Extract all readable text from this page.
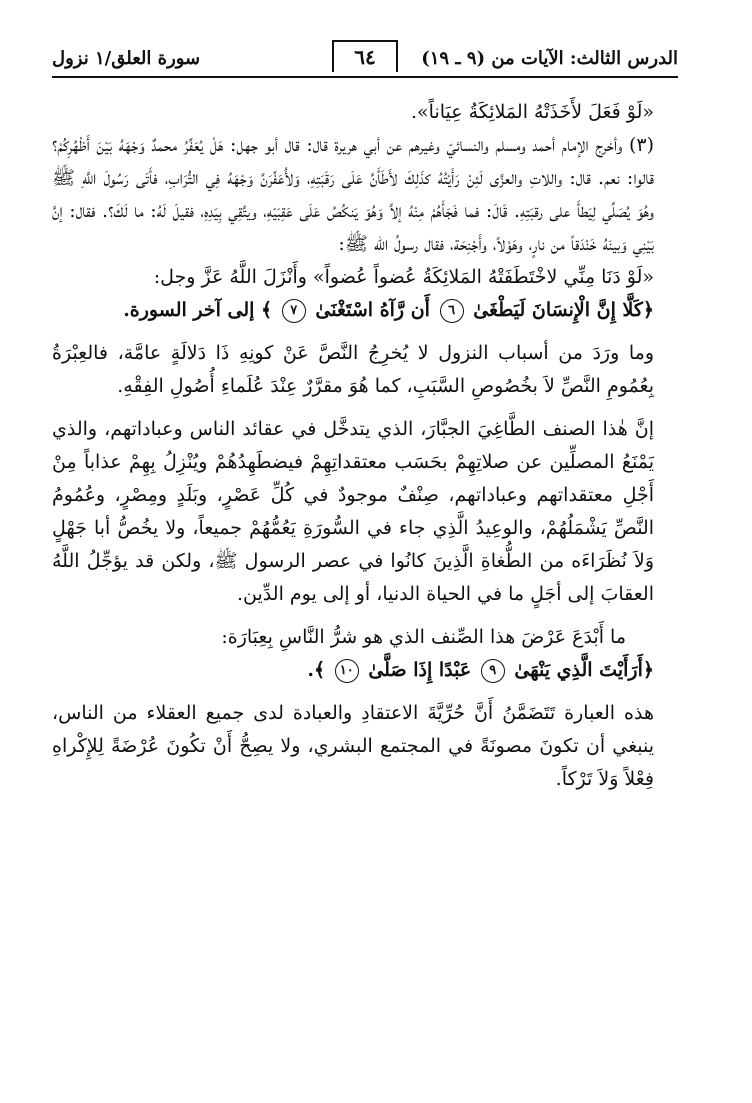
الدرس الثالث: الآيات من (٩ ـ ١٩)
٦٤
سورة العلق/١ نزول

«لَوْ فَعَلَ لأَخَذَتْهُ المَلائِكَةُ عِيَاناً».

(٣) وأخرج الإمام أحمد ومسلم والنسائيّ وغيرهم عن أبي هريرة قال: قال أبو جهل: هَلْ يُعَفِّرُ محمدٌ وَجْهَهُ بَيْنَ أَظْهُرِكُمْ؟ قالوا: نعم. قال: واللاتِ والعزَّى لَئِنْ رَأَيْتُهُ كذَلِكَ لأَطَأَنَّ عَلَى رَقَبَتِهِ، وَلأُعَفِّرَنَّ وَجْهَهُ فِي التُّرَابِ، فأَتَى رَسُولَ اللَّهِ ﷺ وهُوَ يُصَلِّي لِيَطأَ على رقبَتِهِ. قَالَ: فما فَجَأَهُمْ مِنْهُ إلاَّ وَهُوَ يَنكُصُ عَلَى عَقِبَيْهِ، ويتَّقِي بِيَدِهِ، فقيلَ لَهُ: ما لَكَ؟. فقال: إنَّ بَيْنِي وَبينَهُ خَنْدَقاً من نارٍ، وهَوْلاً، وأَجْنِحَة، فقال رسولُ الله ﷺ:

«لَوْ دَنَا مِنِّي لاخْتَطَفَتْهُ المَلائِكَةُ عُضواً عُضواً» وأَنْزَلَ اللَّهُ عَزَّ وجل:

﴿كَلَّا إِنَّ الْإِنسَانَ لَيَطْغَىٰ ٦ أَن رَّآهُ اسْتَغْنَىٰ ٧ ﴾ إلى آخر السورة.

وما ورَدَ من أسباب النزول لا يُخرِجُ النَّصَّ عَنْ كونِهِ ذَا دَلالَةٍ عامَّة، فالعِبْرَةُ بِعُمُومِ النَّصِّ لاَ بخُصُوصِ السَّبَبِ، كما هُوَ مقرَّرٌ عِنْدَ عُلَماءِ أُصُولِ الفِقْهِ.

إنَّ هٰذا الصنف الطَّاغِيَ الجبَّارَ، الذي يتدخَّل في عقائد الناس وعباداتهم، والذي يَمْنَعُ المصلِّين عن صلاتِهِمْ بحَسَب معتقداتِهِمْ فيضطَهِدُهُمْ ويُنْزِلُ بِهِمْ عذاباً مِنْ أَجْلِ معتقداتهم وعباداتهم، صِنْفٌ موجودٌ في كُلِّ عَصْرٍ، وبَلَدٍ ومِصْرٍ، وعُمُومُ النَّصِّ يَشْمَلُهُمْ، والوعِيدُ الَّذِي جاء في السُّورَةِ يَعُمُّهُمْ جميعاً، ولا يخُصُّ أبا جَهْلٍ وَلاَ نُظَرَاءَه من الطُّغاةِ الَّذِينَ كانُوا في عصر الرسول ﷺ، ولكن قد يؤجِّلُ اللَّهُ العقابَ إلى أجَلٍ ما في الحياة الدنيا، أو إلى يوم الدِّين.

ما أَبْدَعَ عَرْضَ هذا الصِّنف الذي هو شرُّ النَّاسِ بِعِبَارَة:

﴿أَرَأَيْتَ الَّذِي يَنْهَىٰ ٩ عَبْدًا إِذَا صَلَّىٰ ١٠ ﴾.

هذه العبارة تَتَضَمَّنُ أَنَّ حُرِّيَّةَ الاعتقادِ والعبادة لدى جميع العقلاء من الناس، ينبغي أن تكونَ مصونَةً في المجتمع البشري، ولا يصِحُّ أَنْ تكُونَ عُرْضَةً لِلإِكْراهِ فِعْلاً وَلاَ تَرْكاً.
